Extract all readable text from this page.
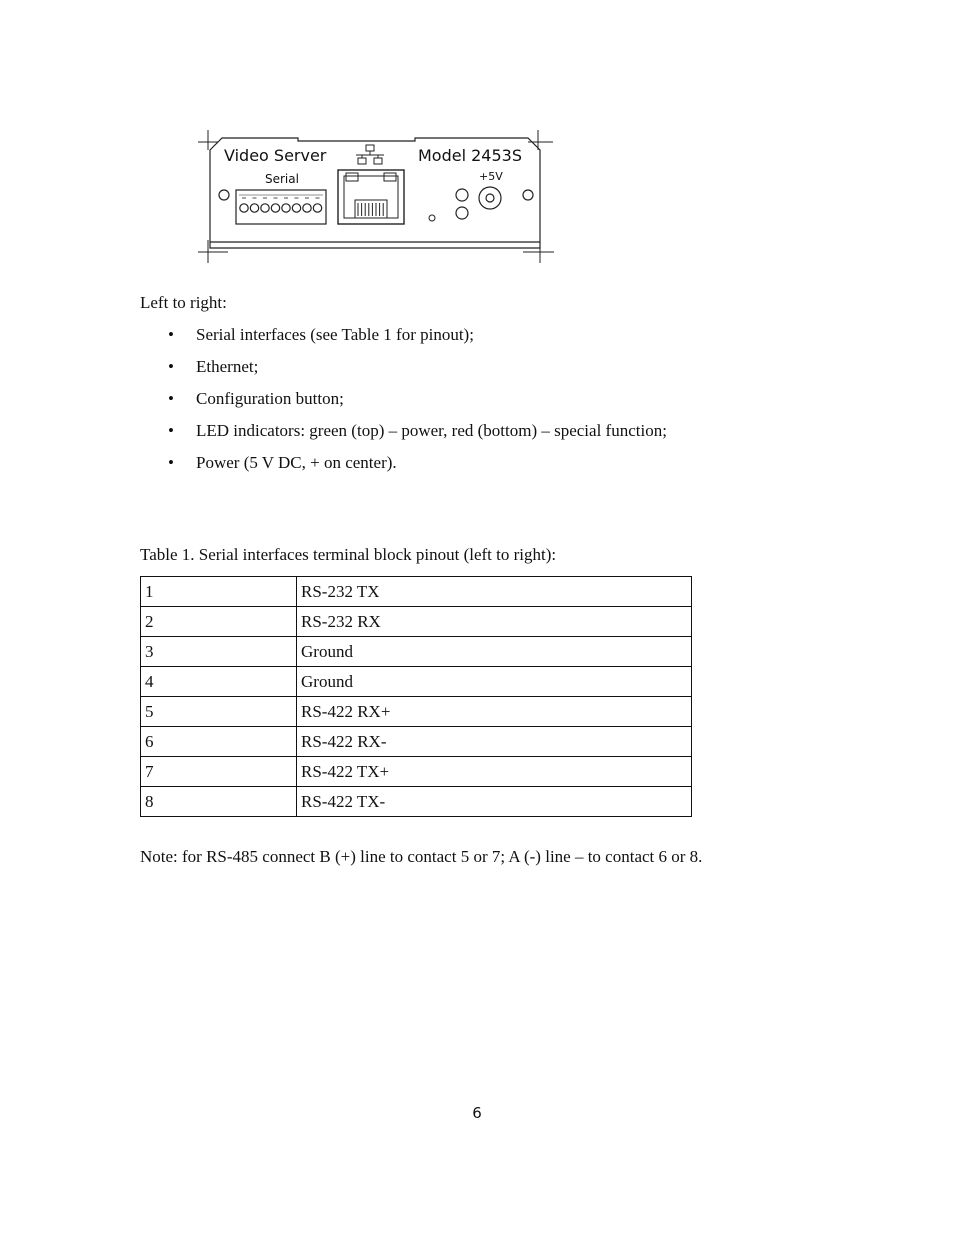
Video Server	Model 2453S
Serial	+5V

Left to right:

• Serial interfaces (see Table 1 for pinout);
• Ethernet;
• Configuration button;
• LED indicators: green (top) – power, red (bottom) – special function;
• Power (5 V DC, + on center).

Table 1. Serial interfaces terminal block pinout (left to right):

1	RS-232 TX
2	RS-232 RX
3	Ground
4	Ground
5	RS-422 RX+
6	RS-422 RX-
7	RS-422 TX+
8	RS-422 TX-

Note: for RS-485 connect B (+) line to contact 5 or 7; A (-) line – to contact 6 or 8.

6
